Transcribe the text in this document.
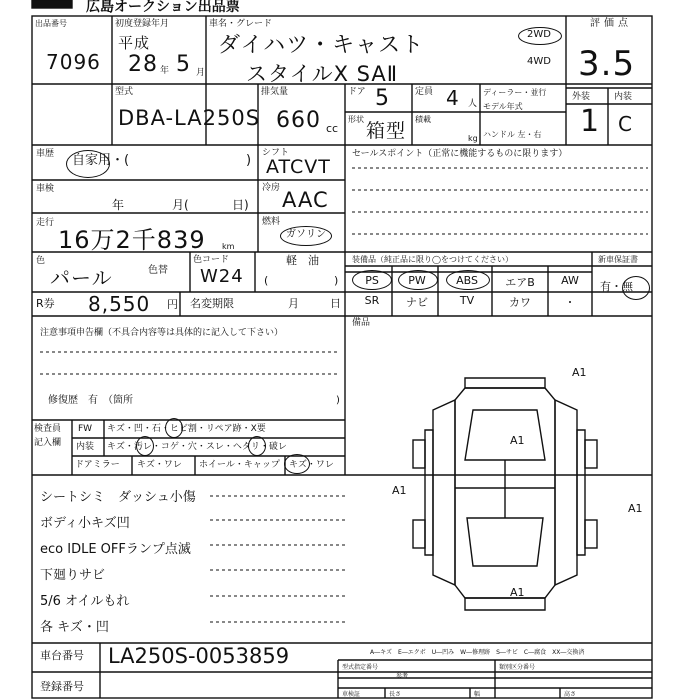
広島オークション出品票
出品番号
7096
初度登録年月
平成
28 年 5 月
車名・グレード
ダイハツ・キャスト
スタイルX SAⅡ
2WD
4WD
評価点
3.5
外装	内装
1 C
型式
DBA-LA250S
排気量
660 cc
ドア 5	定員 4 人
ディーラー・並行
モデル年式
ハンドル 左・右
形状
箱型
積載
kg
車歴 自家用・(	) シフト
ATCVT
セールスポイント（正常に機能するものに限ります）
車検
年	月(	日)
冷房 AAC
走行
16万2千839 km
燃料
ガソリン
色
パール	色替
色コード
W24
軽　油
(	)
装備品（純正品に限り◯をつけてください）	新車保証書
PS	PW	ABS	エアB	AW
SR	ナビ	TV	カワ	・
有・無
R券 8,550 円 名変期限	月	日
注意事項申告欄（不具合内容等は具体的に記入して下さい）
備品
修復歴　有　（箇所	)
検査員
記入欄
FW キズ・凹・石・ヒビ割・リペア跡・X要
内装 キズ・汚レ・コゲ・穴・スレ・ヘタリ・破レ
ドアミラー キズ・ワレ ホイール・キャップ キズ・ワレ
シートシミ　ダッシュ小傷
ボディ小キズ凹
eco IDLE OFFランプ点滅
下廻りサビ
5/6 オイルもれ
各 キズ・凹
A1
A1
A1
A1
A1
A―キズ　E―エクボ　U―凹み　W―修理跡　S―サビ　C―腐食　XX―交換済
車台番号 LA250S-0053859
登録番号
型式指定番号	類別区分番号
参考
車検証	長さ	幅	高さ
